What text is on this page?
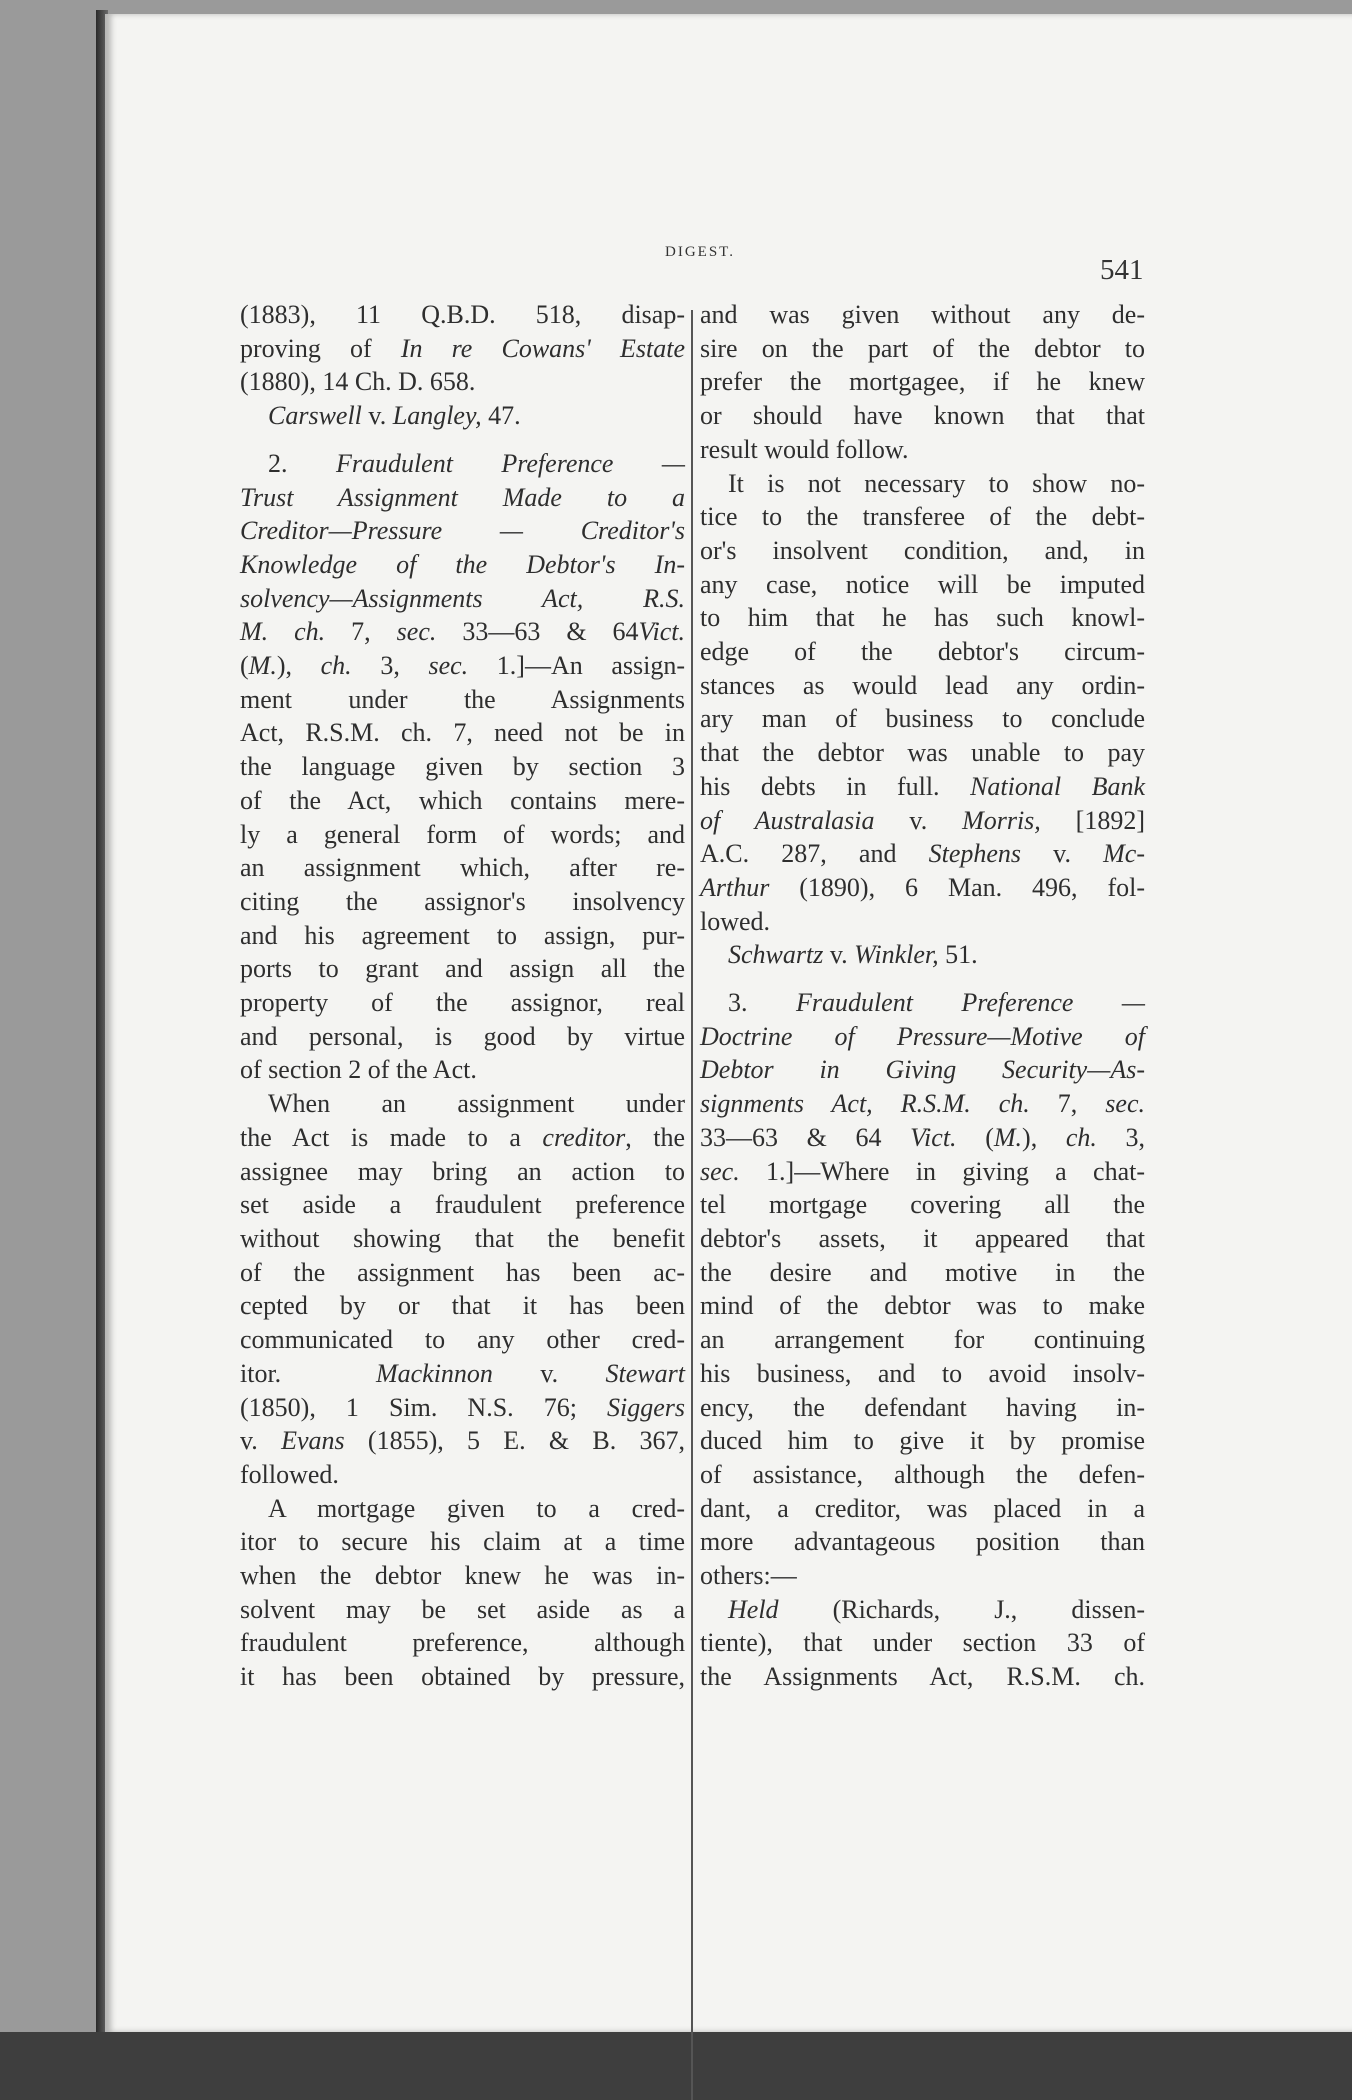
DIGEST.
541
(1883), 11 Q.B.D. 518, disap-
proving of In re Cowans' Estate
(1880), 14 Ch. D. 658.
Carswell v. Langley, 47.
2. Fraudulent Preference —
Trust Assignment Made to a
Creditor—Pressure — Creditor's
Knowledge of the Debtor's In-
solvency—Assignments Act, R.S.
M. ch. 7, sec. 33—63 & 64Vict.
(M.), ch. 3, sec. 1.]—An assign-
ment under the Assignments
Act, R.S.M. ch. 7, need not be in
the language given by section 3
of the Act, which contains mere-
ly a general form of words; and
an assignment which, after re-
citing the assignor's insolvency
and his agreement to assign, pur-
ports to grant and assign all the
property of the assignor, real
and personal, is good by virtue
of section 2 of the Act.
When an assignment under
the Act is made to a creditor, the
assignee may bring an action to
set aside a fraudulent preference
without showing that the benefit
of the assignment has been ac-
cepted by or that it has been
communicated to any other cred-
itor.  Mackinnon v. Stewart
(1850), 1 Sim. N.S. 76; Siggers
v. Evans (1855), 5 E. & B. 367,
followed.
A mortgage given to a cred-
itor to secure his claim at a time
when the debtor knew he was in-
solvent may be set aside as a
fraudulent preference, although
it has been obtained by pressure,
and was given without any de-
sire on the part of the debtor to
prefer the mortgagee, if he knew
or should have known that that
result would follow.
It is not necessary to show no-
tice to the transferee of the debt-
or's insolvent condition, and, in
any case, notice will be imputed
to him that he has such knowl-
edge of the debtor's circum-
stances as would lead any ordin-
ary man of business to conclude
that the debtor was unable to pay
his debts in full. National Bank
of Australasia v. Morris, [1892]
A.C. 287, and Stephens v. Mc-
Arthur (1890), 6 Man. 496, fol-
lowed.
Schwartz v. Winkler, 51.
3. Fraudulent Preference —
Doctrine of Pressure—Motive of
Debtor in Giving Security—As-
signments Act, R.S.M. ch. 7, sec.
33—63 & 64 Vict. (M.), ch. 3,
sec. 1.]—Where in giving a chat-
tel mortgage covering all the
debtor's assets, it appeared that
the desire and motive in the
mind of the debtor was to make
an arrangement for continuing
his business, and to avoid insolv-
ency, the defendant having in-
duced him to give it by promise
of assistance, although the defen-
dant, a creditor, was placed in a
more advantageous position than
others:—
Held (Richards, J., dissen-
tiente), that under section 33 of
the Assignments Act, R.S.M. ch.
